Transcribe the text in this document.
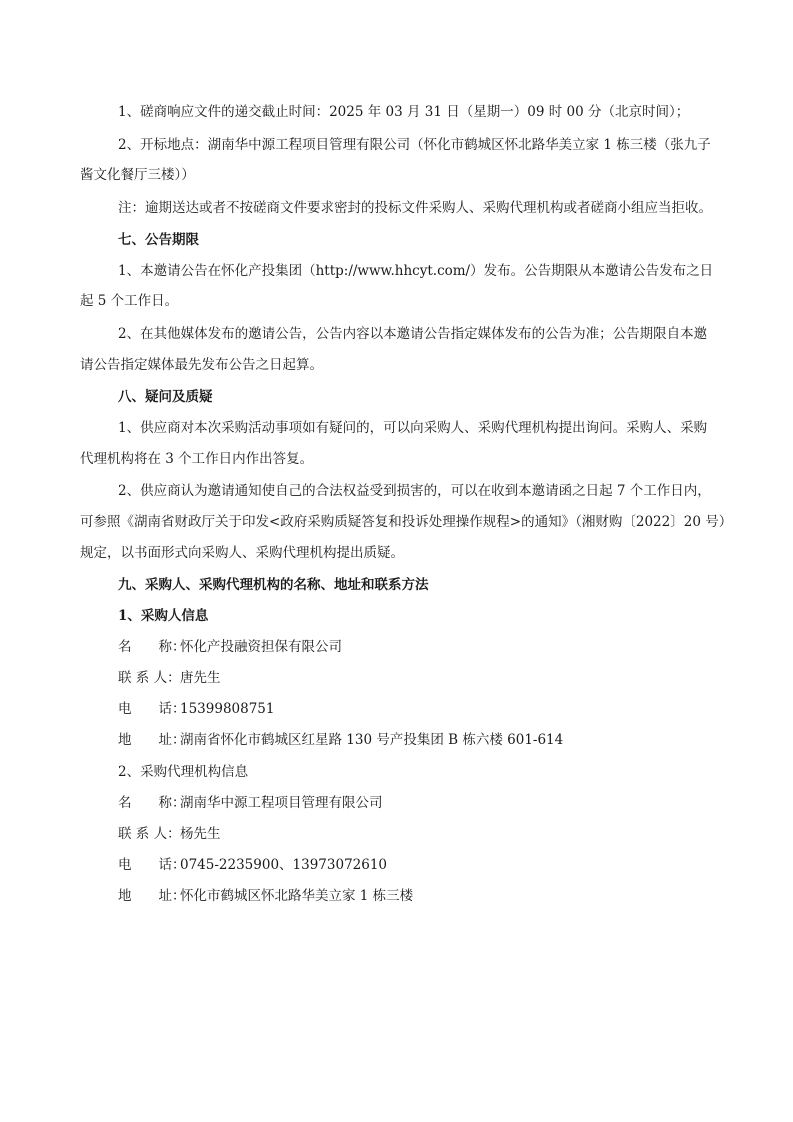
1、磋商响应文件的递交截止时间：2025 年 03 月 31 日（星期一）09 时 00 分（北京时间）；
2、开标地点：湖南华中源工程项目管理有限公司（怀化市鹤城区怀北路华美立家 1 栋三楼（张九子
酱文化餐厅三楼））
注：逾期送达或者不按磋商文件要求密封的投标文件采购人、采购代理机构或者磋商小组应当拒收。
七、公告期限
1、本邀请公告在怀化产投集团（http://www.hhcyt.com/）发布。公告期限从本邀请公告发布之日
起 5 个工作日。
2、在其他媒体发布的邀请公告，公告内容以本邀请公告指定媒体发布的公告为准；公告期限自本邀
请公告指定媒体最先发布公告之日起算。
八、疑问及质疑
1、供应商对本次采购活动事项如有疑问的，可以向采购人、采购代理机构提出询问。采购人、采购
代理机构将在 3 个工作日内作出答复。
2、供应商认为邀请通知使自己的合法权益受到损害的，可以在收到本邀请函之日起 7 个工作日内，
可参照《湖南省财政厅关于印发<政府采购质疑答复和投诉处理操作规程>的通知》（湘财购〔2022〕20 号）
规定，以书面形式向采购人、采购代理机构提出质疑。
九、采购人、采购代理机构的名称、地址和联系方法
1、采购人信息
名　　称：怀化产投融资担保有限公司
联 系 人：唐先生
电　　话：15399808751
地　　址：湖南省怀化市鹤城区红星路 130 号产投集团 B 栋六楼 601-614
2、采购代理机构信息
名　　称：湖南华中源工程项目管理有限公司
联 系 人：杨先生
电　　话：0745-2235900、13973072610
地　　址：怀化市鹤城区怀北路华美立家 1 栋三楼
